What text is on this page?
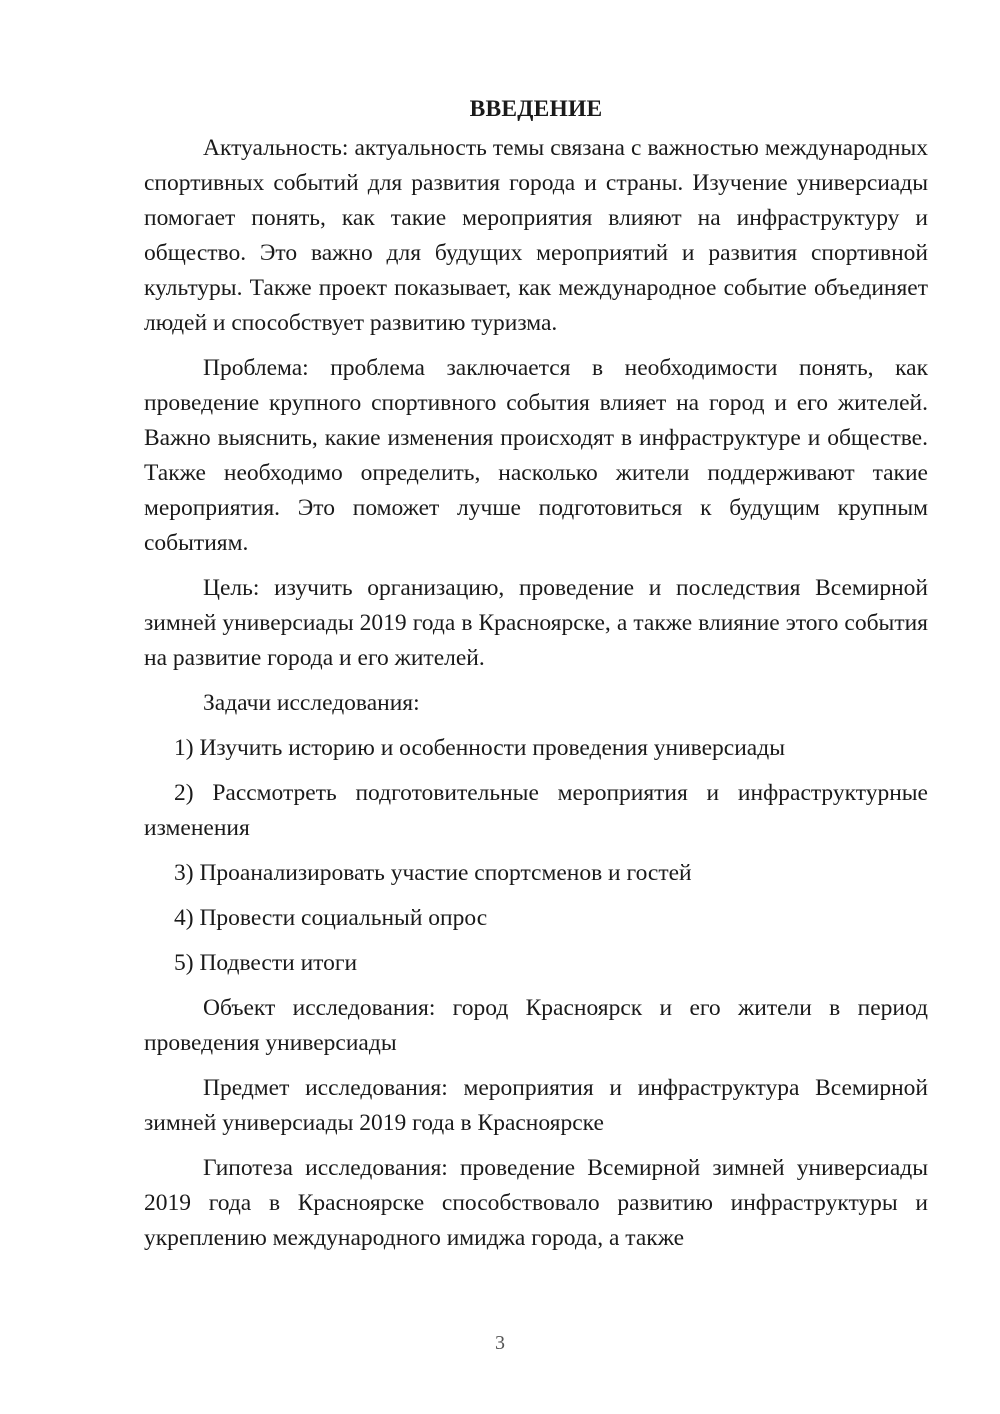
ВВЕДЕНИЕ

Актуальность: актуальность темы связана с важностью международных спортивных событий для развития города и страны. Изучение универсиады помогает понять, как такие мероприятия влияют на инфраструктуру и общество. Это важно для будущих мероприятий и развития спортивной культуры. Также проект показывает, как международное событие объединяет людей и способствует развитию туризма.

Проблема: проблема заключается в необходимости понять, как проведение крупного спортивного события влияет на город и его жителей. Важно выяснить, какие изменения происходят в инфраструктуре и обществе. Также необходимо определить, насколько жители поддерживают такие мероприятия. Это поможет лучше подготовиться к будущим крупным событиям.

Цель: изучить организацию, проведение и последствия Всемирной зимней универсиады 2019 года в Красноярске, а также влияние этого события на развитие города и его жителей.

Задачи исследования:

1) Изучить историю и особенности проведения универсиады

2) Рассмотреть подготовительные мероприятия и инфраструктурные изменения

3) Проанализировать участие спортсменов и гостей

4) Провести социальный опрос

5) Подвести итоги

Объект исследования: город Красноярск и его жители в период проведения универсиады

Предмет исследования: мероприятия и инфраструктура Всемирной зимней универсиады 2019 года в Красноярске

Гипотеза исследования: проведение Всемирной зимней универсиады 2019 года в Красноярске способствовало развитию инфраструктуры и укреплению международного имиджа города, а также

3
